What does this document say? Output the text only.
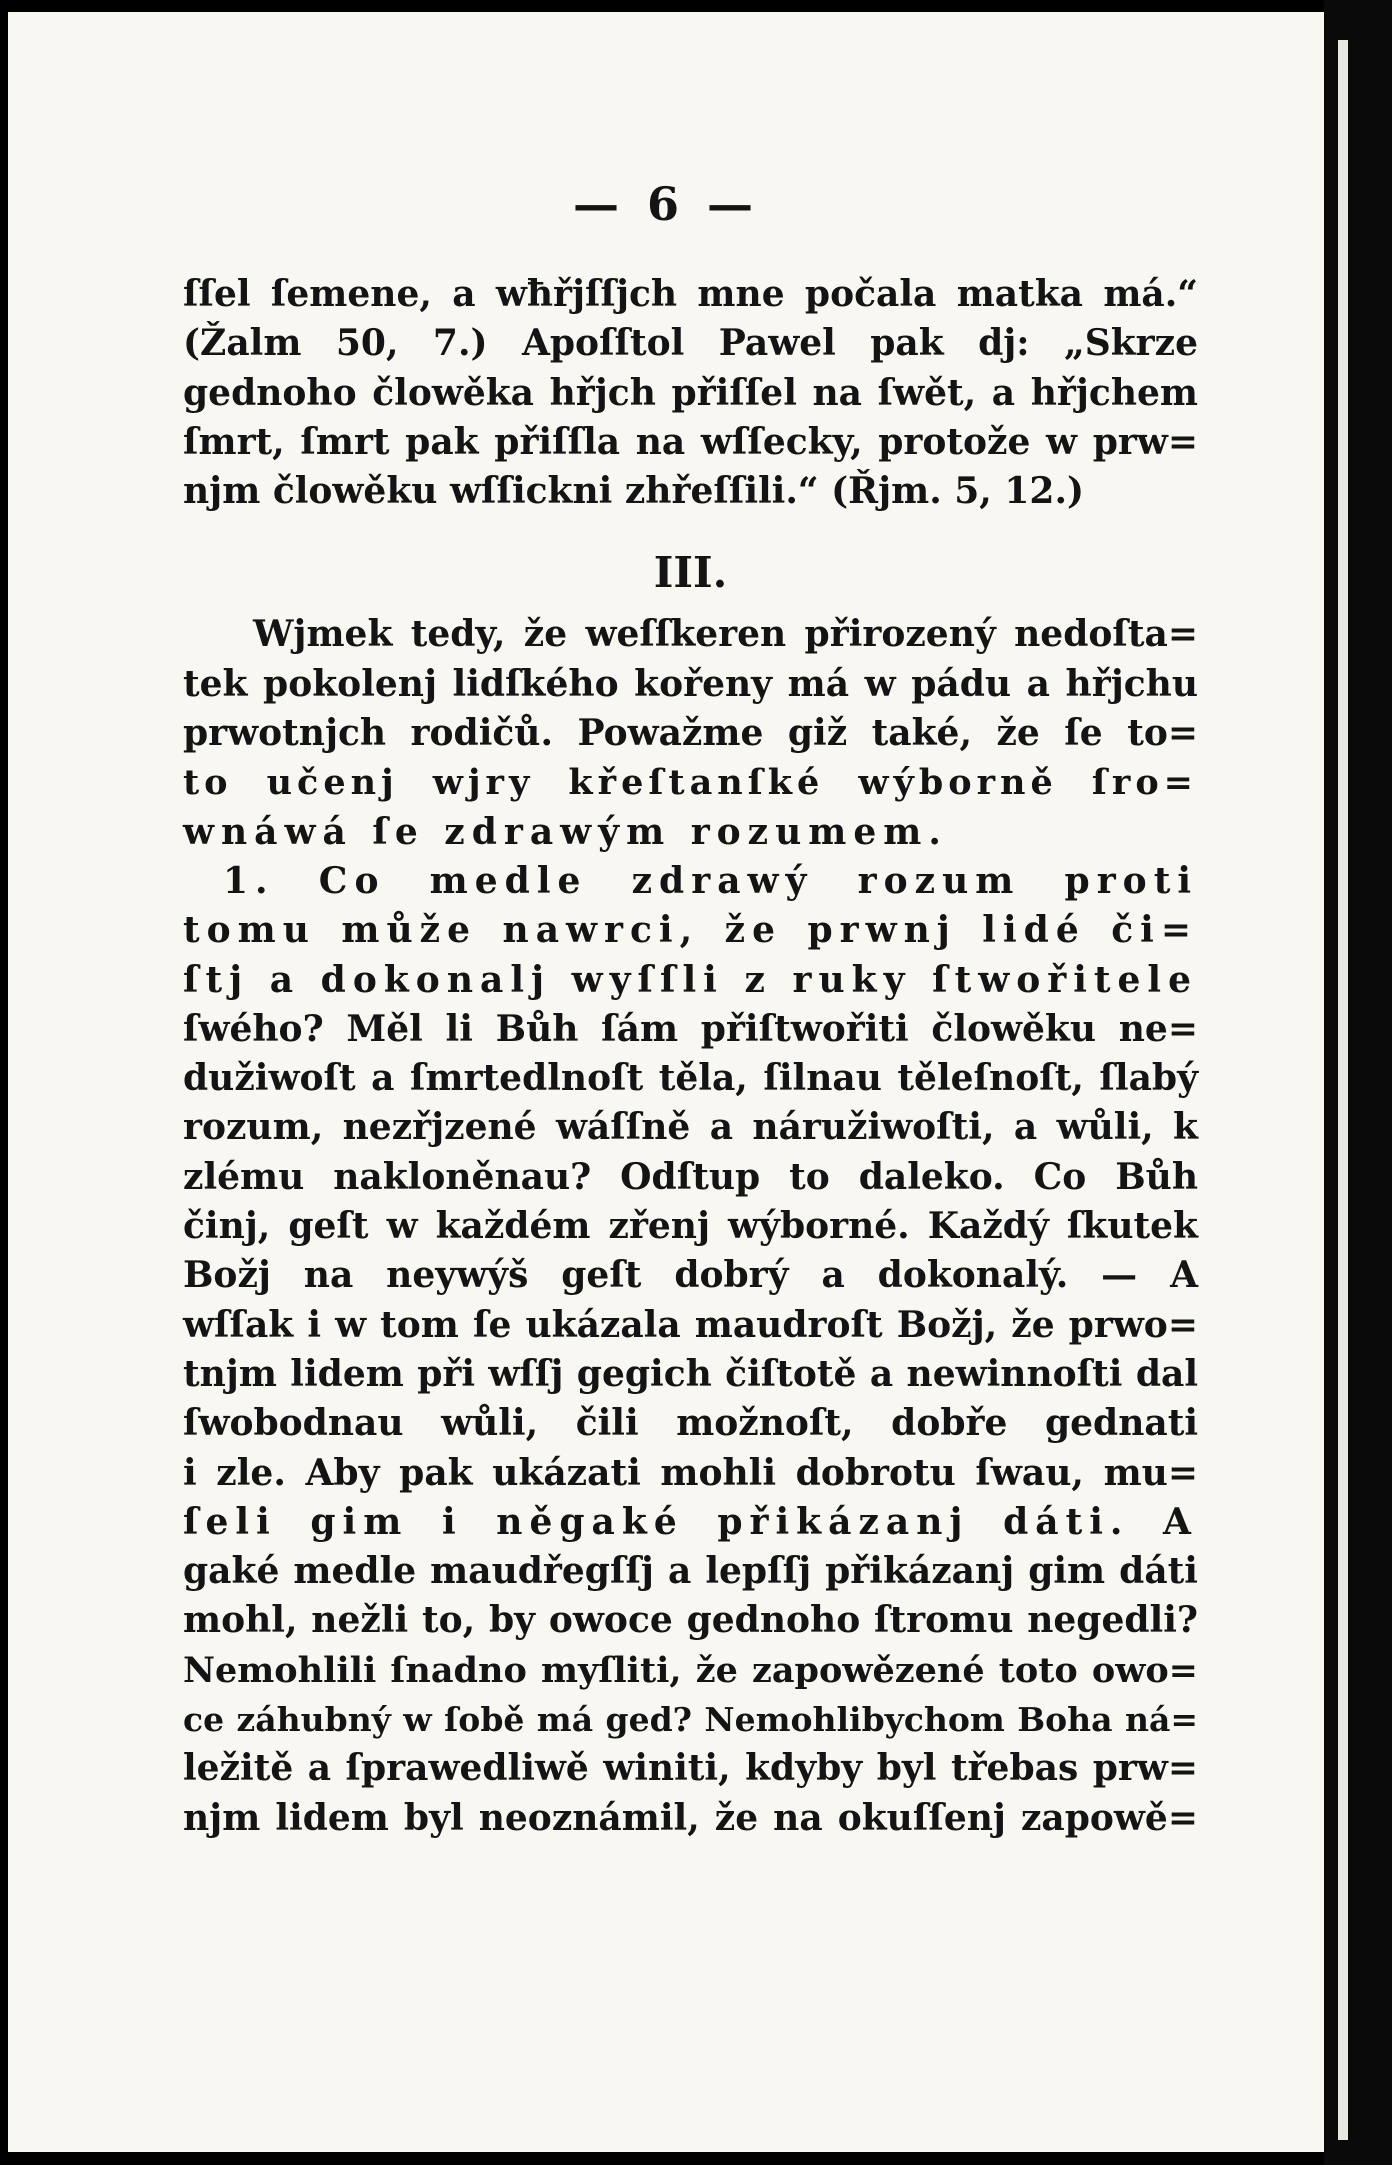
— 6 —
ſſel ſemene, a wħřjſſjch mne počala matka má.“
(Žalm 50, 7.) Apoſſtol Pawel pak dj: „Skrze
gednoho člowěka hřjch přiſſel na ſwět, a hřjchem
ſmrt, ſmrt pak přiſſla na wſſecky, protože w prw=
njm člowěku wſſickni zhřeſſili.“ (Řjm. 5, 12.)
III.
Wjmek tedy, že weſſkeren přirozený nedoſta=
tek pokolenj lidſkého kořeny má w pádu a hřjchu
prwotnjch rodičů. Powažme giž také, že ſe to=
to učenj wjry křeſtanſké wýborně ſro=
wnáwá ſe zdrawým rozumem.
1. Co medle zdrawý rozum proti
tomu může nawrci, že prwnj lidé či=
ſtj a dokonalj wyſſli z ruky ſtwořitele
ſwého? Měl li Bůh ſám přiſtwořiti člowěku ne=
dužiwoſt a ſmrtedlnoſt těla, ſilnau těleſnoſt, ſlabý
rozum, nezřjzené wáſſně a náružiwoſti, a wůli, k
zlému nakloněnau? Odſtup to daleko. Co Bůh
činj, geſt w každém zřenj wýborné. Každý ſkutek
Božj na neywýš geſt dobrý a dokonalý. — A
wſſak i w tom ſe ukázala maudroſt Božj, že prwo=
tnjm lidem při wſſj gegich čiſtotě a newinnoſti dal
ſwobodnau wůli, čili možnoſt, dobře gednati
i zle. Aby pak ukázati mohli dobrotu ſwau, mu=
ſeli gim i něgaké přikázanj dáti. A
gaké medle maudřegſſj a lepſſj přikázanj gim dáti
mohl, nežli to, by owoce gednoho ſtromu negedli?
Nemohlili ſnadno myſliti, že zapowězené toto owo=
ce záhubný w ſobě má ged? Nemohlibychom Boha ná=
ležitě a ſprawedliwě winiti, kdyby byl třebas prw=
njm lidem byl neoznámil, že na okuſſenj zapowě=
